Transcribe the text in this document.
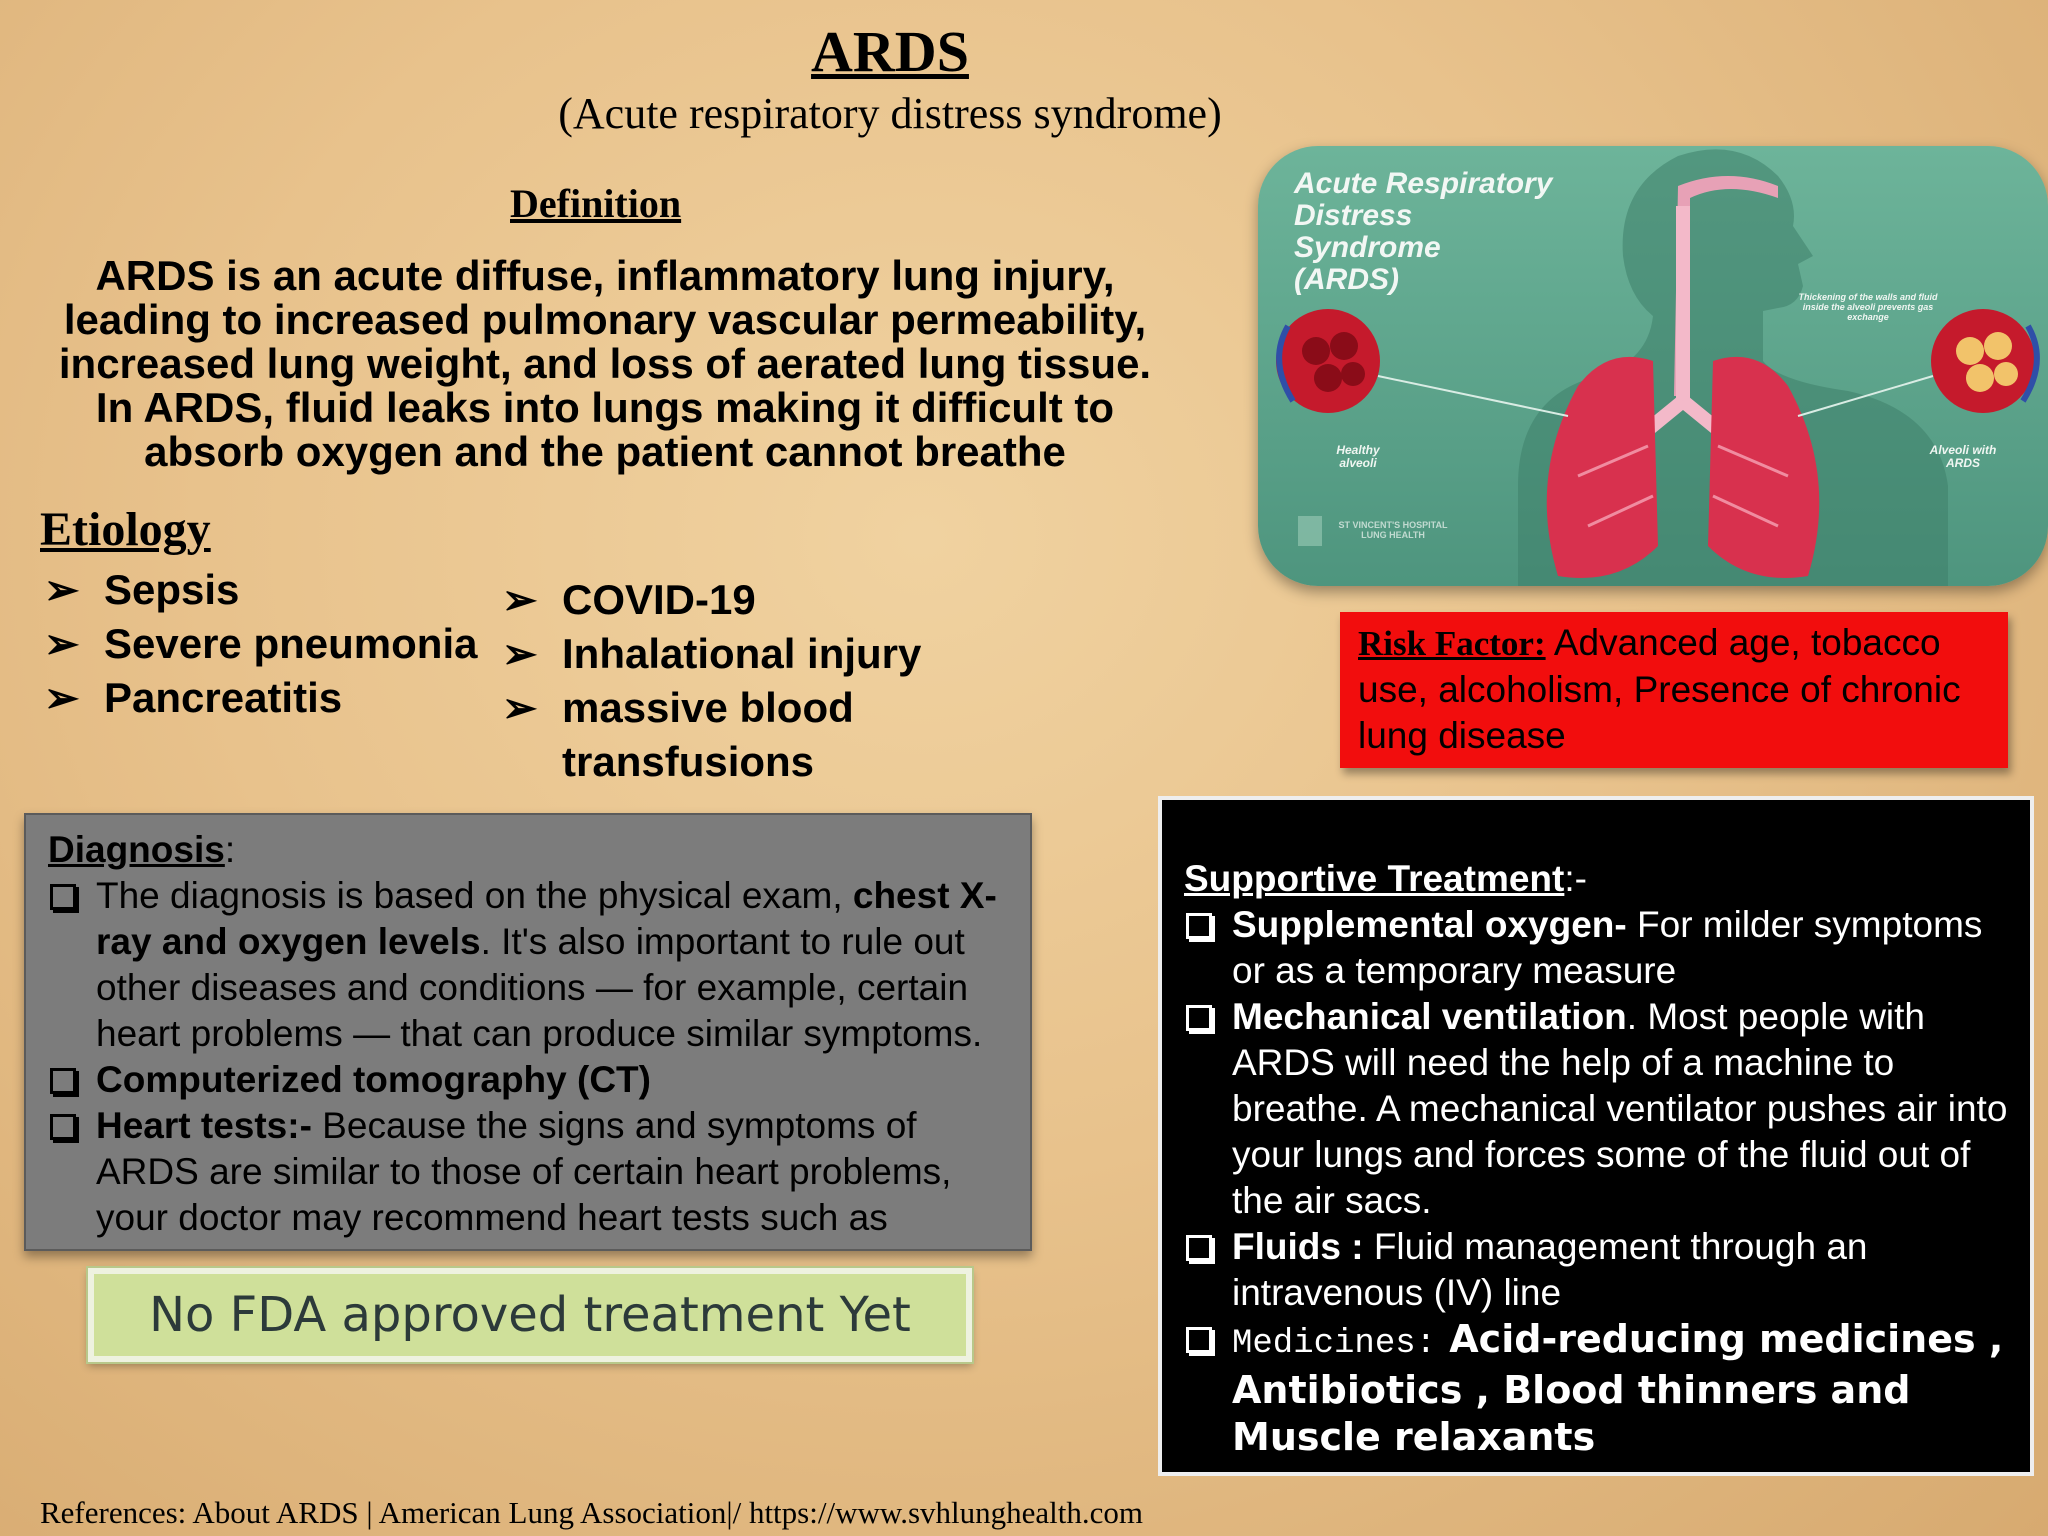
ARDS
(Acute respiratory distress syndrome)
Definition
ARDS is an acute diffuse, inflammatory lung injury, leading to increased pulmonary vascular permeability, increased lung weight, and loss of aerated lung tissue. In ARDS, fluid leaks into lungs making it difficult to absorb oxygen and the patient cannot breathe
Etiology
➢ Sepsis
➢ Severe pneumonia
➢ Pancreatitis
➢ COVID-19
➢ Inhalational injury
➢ massive blood transfusions
Acute Respiratory Distress Syndrome (ARDS)
Healthy alveoli
Alveoli with ARDS
Thickening of the walls and fluid inside the alveoli prevents gas exchange
ST VINCENT'S HOSPITAL LUNG HEALTH
Risk Factor: Advanced age, tobacco use, alcoholism, Presence of chronic lung disease
Diagnosis:
The diagnosis is based on the physical exam, chest X-ray and oxygen levels. It's also important to rule out other diseases and conditions — for example, certain heart problems — that can produce similar symptoms.
Computerized tomography (CT)
Heart tests:- Because the signs and symptoms of ARDS are similar to those of certain heart problems, your doctor may recommend heart tests such as
No FDA approved treatment Yet
Supportive Treatment:-
Supplemental oxygen- For milder symptoms or as a temporary measure
Mechanical ventilation. Most people with ARDS will need the help of a machine to breathe. A mechanical ventilator pushes air into your lungs and forces some of the fluid out of the air sacs.
Fluids : Fluid management through an intravenous (IV) line
Medicines: Acid-reducing medicines , Antibiotics , Blood thinners and Muscle relaxants
References: About ARDS | American Lung Association|/ https://www.svhlunghealth.com
